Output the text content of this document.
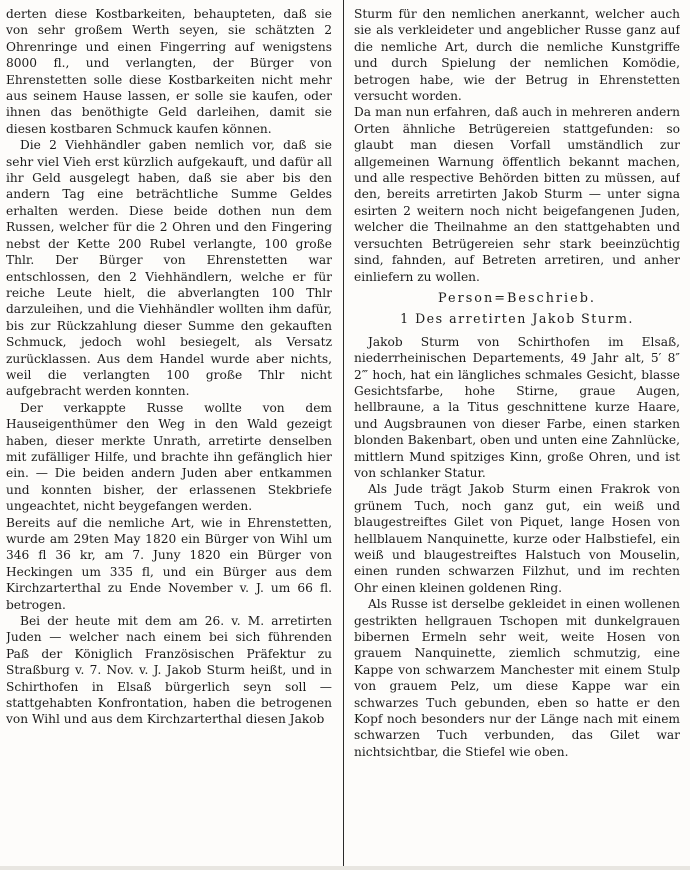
derten diese Kostbarkeiten, behaupteten, daß sie von sehr großem Werth seyen, sie schätzten 2 Ohrenringe und einen Fingerring auf wenigstens 8000 fl., und verlangten, der Bürger von Ehrenstetten solle diese Kostbarkeiten nicht mehr aus seinem Hause lassen, er solle sie kaufen, oder ihnen das benöthigte Geld darleihen, damit sie diesen kostbaren Schmuck kaufen können.

Die 2 Viehhändler gaben nemlich vor, daß sie sehr viel Vieh erst kürzlich aufgekauft, und dafür all ihr Geld ausgelegt haben, daß sie aber bis den andern Tag eine beträchtliche Summe Geldes erhalten werden. Diese beide dothen nun dem Russen, welcher für die 2 Ohren und den Fingering nebst der Kette 200 Rubel verlangte, 100 große Thlr. Der Bürger von Ehrenstetten war entschlossen, den 2 Viehhändlern, welche er für reiche Leute hielt, die abverlangten 100 Thlr darzuleihen, und die Viehhändler wollten ihm dafür, bis zur Rückzahlung dieser Summe den gekauften Schmuck, jedoch wohl besiegelt, als Versatz zurücklassen. Aus dem Handel wurde aber nichts, weil die verlangten 100 große Thlr nicht aufgebracht werden konnten.

Der verkappte Russe wollte von dem Hauseigenthümer den Weg in den Wald gezeigt haben, dieser merkte Unrath, arretirte denselben mit zufälliger Hilfe, und brachte ihn gefänglich hier ein. — Die beiden andern Juden aber entkammen und konnten bisher, der erlassenen Stekbriefe ungeachtet, nicht beygefangen werden.

Bereits auf die nemliche Art, wie in Ehrenstetten, wurde am 29ten May 1820 ein Bürger von Wihl um 346 fl 36 kr, am 7. Juny 1820 ein Bürger von Heckingen um 335 fl, und ein Bürger aus dem Kirchzarterthal zu Ende November v. J. um 66 fl. betrogen.

Bei der heute mit dem am 26. v. M. arretirten Juden — welcher nach einem bei sich führenden Paß der Königlich Französischen Präfektur zu Straßburg v. 7. Nov. v. J. Jakob Sturm heißt, und in Schirthofen in Elsaß bürgerlich seyn soll — stattgehabten Konfrontation, haben die betrogenen von Wihl und aus dem Kirchzarterthal diesen Jakob

Sturm für den nemlichen anerkannt, welcher auch sie als verkleideter und angeblicher Russe ganz auf die nemliche Art, durch die nemliche Kunstgriffe und durch Spielung der nemlichen Komödie, betrogen habe, wie der Betrug in Ehrenstetten versucht worden.

Da man nun erfahren, daß auch in mehreren andern Orten ähnliche Betrügereien stattgefunden: so glaubt man diesen Vorfall umständlich zur allgemeinen Warnung öffentlich bekannt machen, und alle respective Behörden bitten zu müssen, auf den, bereits arretirten Jakob Sturm — unter signa esirten 2 weitern noch nicht beigefangenen Juden, welcher die Theilnahme an den stattgehabten und versuchten Betrügereien sehr stark beeinzüchtig sind, fahnden, auf Betreten arretiren, und anher einliefern zu wollen.

Person=Beschrieb.
1 Des arretirten Jakob Sturm.

Jakob Sturm von Schirthofen im Elsaß, niederrheinischen Departements, 49 Jahr alt, 5′ 8″ 2‴ hoch, hat ein längliches schmales Gesicht, blasse Gesichtsfarbe, hohe Stirne, graue Augen, hellbraune, a la Titus geschnittene kurze Haare, und Augsbraunen von dieser Farbe, einen starken blonden Bakenbart, oben und unten eine Zahnlücke, mittlern Mund spitziges Kinn, große Ohren, und ist von schlanker Statur.

Als Jude trägt Jakob Sturm einen Frakrok von grünem Tuch, noch ganz gut, ein weiß und blaugestreiftes Gilet von Piquet, lange Hosen von hellblauem Nanquinette, kurze oder Halbstiefel, ein weiß und blaugestreiftes Halstuch von Mouselin, einen runden schwarzen Filzhut, und im rechten Ohr einen kleinen goldenen Ring.

Als Russe ist derselbe gekleidet in einen wollenen gestrikten hellgrauen Tschopen mit dunkelgrauen bibernen Ermeln sehr weit, weite Hosen von grauem Nanquinette, ziemlich schmutzig, eine Kappe von schwarzem Manchester mit einem Stulp von grauem Pelz, um diese Kappe war ein schwarzes Tuch gebunden, eben so hatte er den Kopf noch besonders nur der Länge nach mit einem schwarzen Tuch verbunden, das Gilet war nichtsichtbar, die Stiefel wie oben.
